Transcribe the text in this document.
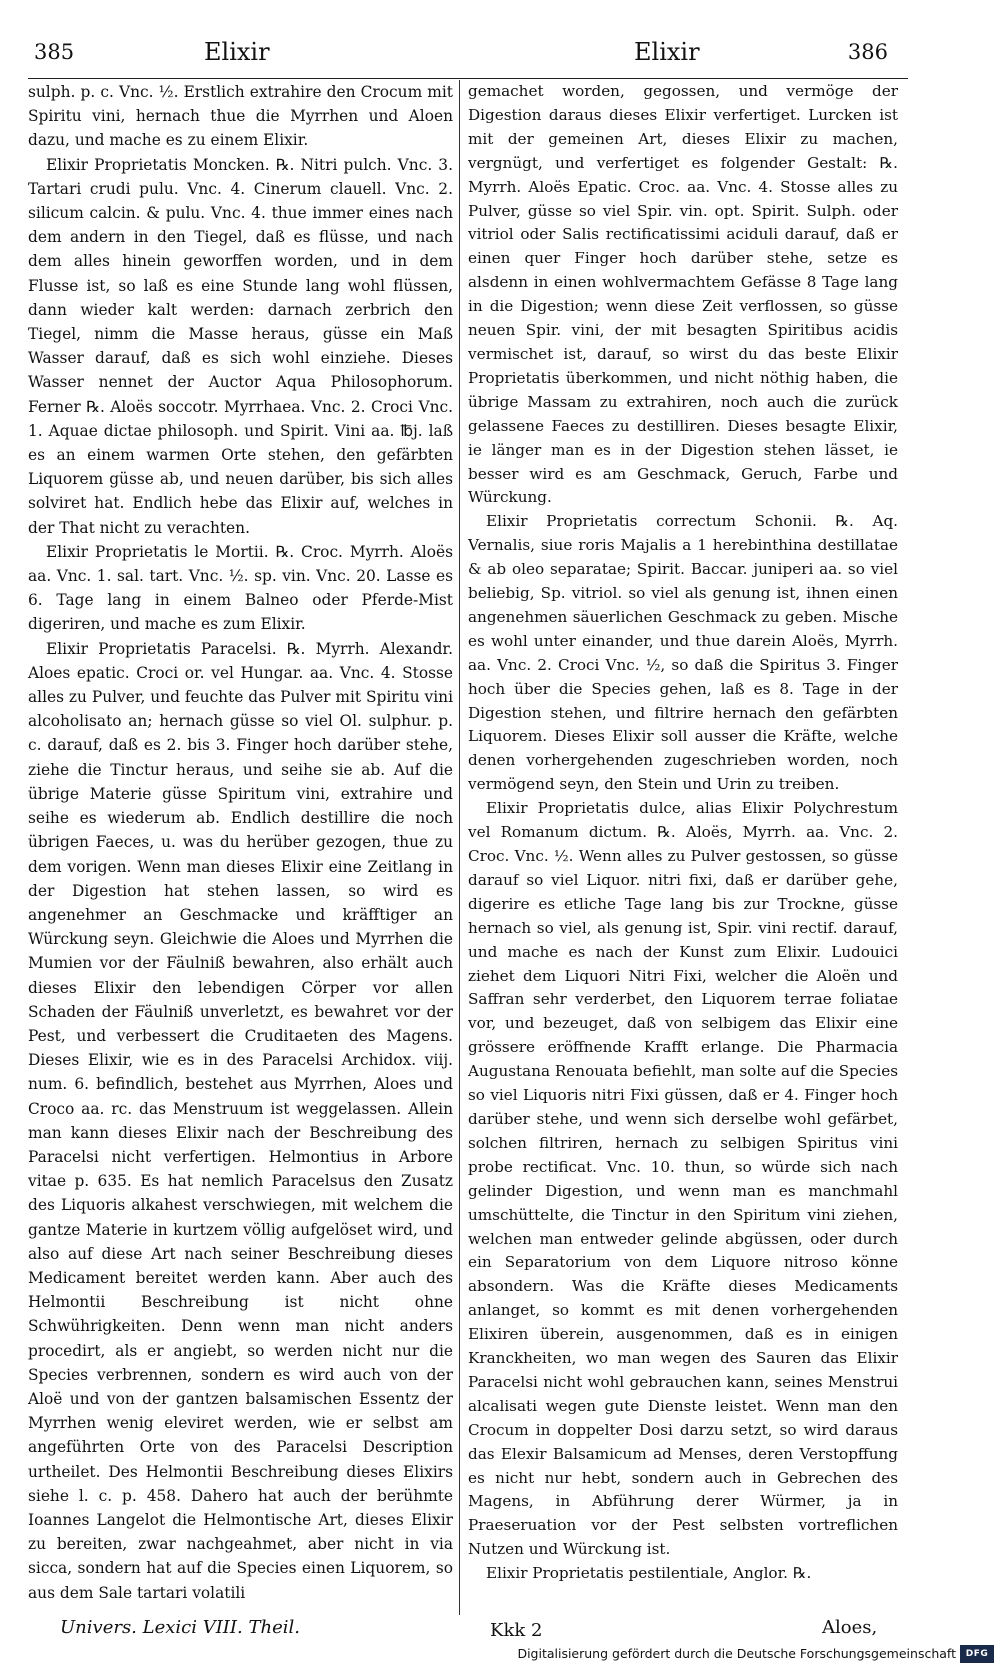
385	Elixir	Elixir	386

sulph. p. c. Vnc. ½. Erstlich extrahire den Crocum mit Spiritu vini, hernach thue die Myrrhen und Aloen dazu, und mache es zu einem Elixir.

Elixir Proprietatis Moncken. ℞. Nitri pulch. Vnc. 3. Tartari crudi pulu. Vnc. 4. Cinerum clauell. Vnc. 2. silicum calcin. & pulu. Vnc. 4. thue immer eines nach dem andern in den Tiegel, daß es flüsse, und nach dem alles hinein geworffen worden, und in dem Flusse ist, so laß es eine Stunde lang wohl flüssen, dann wieder kalt werden: darnach zerbrich den Tiegel, nimm die Masse heraus, güsse ein Maß Wasser darauf, daß es sich wohl einziehe. Dieses Wasser nennet der Auctor Aqua Philosophorum. Ferner ℞. Aloës soccotr. Myrrhaea. Vnc. 2. Croci Vnc. 1. Aquae dictae philosoph. und Spirit. Vini aa. ℔j. laß es an einem warmen Orte stehen, den gefärbten Liquorem güsse ab, und neuen darüber, bis sich alles solviret hat. Endlich hebe das Elixir auf, welches in der That nicht zu verachten.

Elixir Proprietatis le Mortii. ℞. Croc. Myrrh. Aloës aa. Vnc. 1. sal. tart. Vnc. ½. sp. vin. Vnc. 20. Lasse es 6. Tage lang in einem Balneo oder Pferde-Mist digeriren, und mache es zum Elixir.

Elixir Proprietatis Paracelsi. ℞. Myrrh. Alexandr. Aloes epatic. Croci or. vel Hungar. aa. Vnc. 4. Stosse alles zu Pulver, und feuchte das Pulver mit Spiritu vini alcoholisato an; hernach güsse so viel Ol. sulphur. p. c. darauf, daß es 2. bis 3. Finger hoch darüber stehe, ziehe die Tinctur heraus, und seihe sie ab. Auf die übrige Materie güsse Spiritum vini, extrahire und seihe es wiederum ab. Endlich destillire die noch übrigen Faeces, u. was du herüber gezogen, thue zu dem vorigen. Wenn man dieses Elixir eine Zeitlang in der Digestion hat stehen lassen, so wird es angenehmer an Geschmacke und kräfftiger an Würckung seyn. Gleichwie die Aloes und Myrrhen die Mumien vor der Fäulniß bewahren, also erhält auch dieses Elixir den lebendigen Cörper vor allen Schaden der Fäulniß unverletzt, es bewahret vor der Pest, und verbessert die Cruditaeten des Magens. Dieses Elixir, wie es in des Paracelsi Archidox. viij. num. 6. befindlich, bestehet aus Myrrhen, Aloes und Croco aa. rc. das Menstruum ist weggelassen. Allein man kann dieses Elixir nach der Beschreibung des Paracelsi nicht verfertigen. Helmontius in Arbore vitae p. 635. Es hat nemlich Paracelsus den Zusatz des Liquoris alkahest verschwiegen, mit welchem die gantze Materie in kurtzem völlig aufgelöset wird, und also auf diese Art nach seiner Beschreibung dieses Medicament bereitet werden kann. Aber auch des Helmontii Beschreibung ist nicht ohne Schwührigkeiten. Denn wenn man nicht anders procedirt, als er angiebt, so werden nicht nur die Species verbrennen, sondern es wird auch von der Aloë und von der gantzen balsamischen Essentz der Myrrhen wenig eleviret werden, wie er selbst am angeführten Orte von des Paracelsi Description urtheilet. Des Helmontii Beschreibung dieses Elixirs siehe l. c. p. 458. Dahero hat auch der berühmte Ioannes Langelot die Helmontische Art, dieses Elixir zu bereiten, zwar nachgeahmet, aber nicht in via sicca, sondern hat auf die Species einen Liquorem, so aus dem Sale tartari volatili

gemachet worden, gegossen, und vermöge der Digestion daraus dieses Elixir verfertiget. Lurcken ist mit der gemeinen Art, dieses Elixir zu machen, vergnügt, und verfertiget es folgender Gestalt: ℞. Myrrh. Aloës Epatic. Croc. aa. Vnc. 4. Stosse alles zu Pulver, güsse so viel Spir. vin. opt. Spirit. Sulph. oder vitriol oder Salis rectificatissimi aciduli darauf, daß er einen quer Finger hoch darüber stehe, setze es alsdenn in einen wohlvermachtem Gefässe 8 Tage lang in die Digestion; wenn diese Zeit verflossen, so güsse neuen Spir. vini, der mit besagten Spiritibus acidis vermischet ist, darauf, so wirst du das beste Elixir Proprietatis überkommen, und nicht nöthig haben, die übrige Massam zu extrahiren, noch auch die zurück gelassene Faeces zu destilliren. Dieses besagte Elixir, ie länger man es in der Digestion stehen lässet, ie besser wird es am Geschmack, Geruch, Farbe und Würckung.

Elixir Proprietatis correctum Schonii. ℞. Aq. Vernalis, siue roris Majalis a 1 herebinthina destillatae & ab oleo separatae; Spirit. Baccar. juniperi aa. so viel beliebig, Sp. vitriol. so viel als genung ist, ihnen einen angenehmen säuerlichen Geschmack zu geben. Mische es wohl unter einander, und thue darein Aloës, Myrrh. aa. Vnc. 2. Croci Vnc. ½, so daß die Spiritus 3. Finger hoch über die Species gehen, laß es 8. Tage in der Digestion stehen, und filtrire hernach den gefärbten Liquorem. Dieses Elixir soll ausser die Kräfte, welche denen vorhergehenden zugeschrieben worden, noch vermögend seyn, den Stein und Urin zu treiben.

Elixir Proprietatis dulce, alias Elixir Polychrestum vel Romanum dictum. ℞. Aloës, Myrrh. aa. Vnc. 2. Croc. Vnc. ½. Wenn alles zu Pulver gestossen, so güsse darauf so viel Liquor. nitri fixi, daß er darüber gehe, digerire es etliche Tage lang bis zur Trockne, güsse hernach so viel, als genung ist, Spir. vini rectif. darauf, und mache es nach der Kunst zum Elixir. Ludouici ziehet dem Liquori Nitri Fixi, welcher die Aloën und Saffran sehr verderbet, den Liquorem terrae foliatae vor, und bezeuget, daß von selbigem das Elixir eine grössere eröffnende Krafft erlange. Die Pharmacia Augustana Renouata befiehlt, man solte auf die Species so viel Liquoris nitri Fixi güssen, daß er 4. Finger hoch darüber stehe, und wenn sich derselbe wohl gefärbet, solchen filtriren, hernach zu selbigen Spiritus vini probe rectificat. Vnc. 10. thun, so würde sich nach gelinder Digestion, und wenn man es manchmahl umschüttelte, die Tinctur in den Spiritum vini ziehen, welchen man entweder gelinde abgüssen, oder durch ein Separatorium von dem Liquore nitroso könne absondern. Was die Kräfte dieses Medicaments anlanget, so kommt es mit denen vorhergehenden Elixiren überein, ausgenommen, daß es in einigen Kranckheiten, wo man wegen des Sauren das Elixir Paracelsi nicht wohl gebrauchen kann, seines Menstrui alcalisati wegen gute Dienste leistet. Wenn man den Crocum in doppelter Dosi darzu setzt, so wird daraus das Elexir Balsamicum ad Menses, deren Verstopffung es nicht nur hebt, sondern auch in Gebrechen des Magens, in Abführung derer Würmer, ja in Praeseruation vor der Pest selbsten vortreflichen Nutzen und Würckung ist.

Elixir Proprietatis pestilentiale, Anglor. ℞.

Univers. Lexici VIII. Theil.	Kkk 2	Aloes,
Digitalisierung gefördert durch die Deutsche Forschungsgemeinschaft	DFG
